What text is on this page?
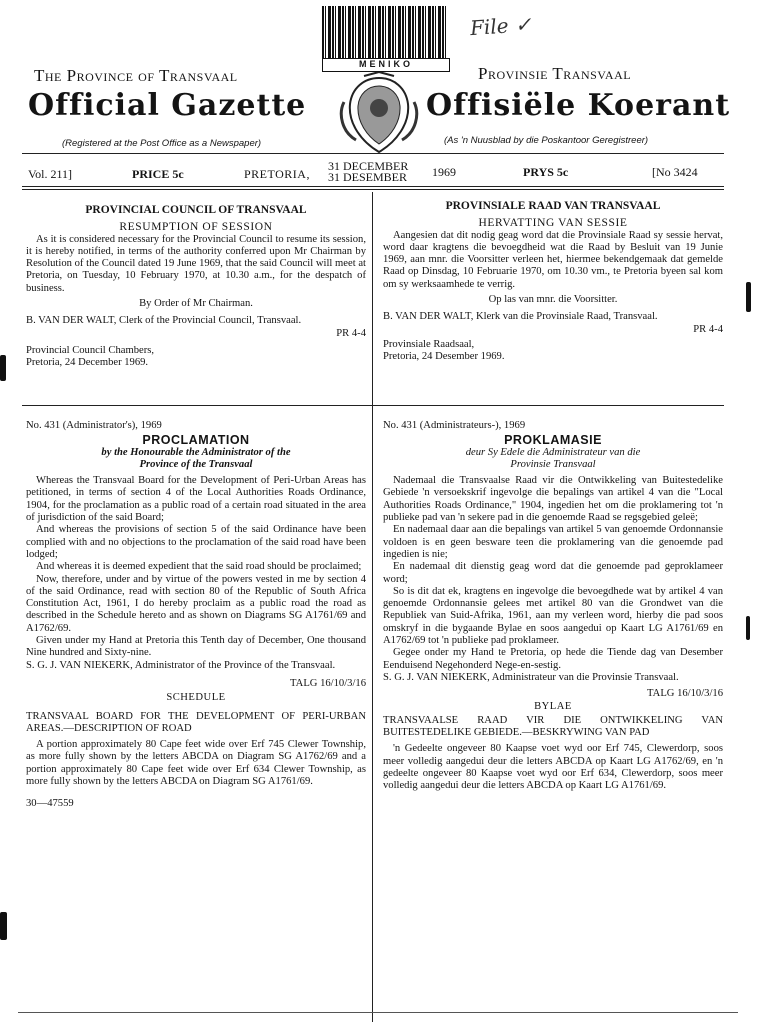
MENIKO
File ✓
The Province of Transvaal	Provinsie Transvaal
Official Gazette	Offisiële Koerant
(Registered at the Post Office as a Newspaper)	(As 'n Nuusblad by die Poskantoor Geregistreer)
Vol. 211]	PRICE 5c	PRETORIA,
31 DECEMBER
31 DESEMBER 1969	PRYS 5c	[No 3424
PROVINCIAL COUNCIL OF TRANSVAAL
RESUMPTION OF SESSION

As it is considered necessary for the Provincial Council to resume its session, it is hereby notified, in terms of the authority conferred upon Mr Chairman by Resolution of the Council dated 19 June 1969, that the said Council will meet at Pretoria, on Tuesday, 10 February 1970, at 10.30 a.m., for the despatch of business.

By Order of Mr Chairman.

B. VAN DER WALT, Clerk of the Provincial Council, Transvaal.

PR 4-4
Provincial Council Chambers,
Pretoria, 24 December 1969.
No. 431 (Administrator's), 1969
PROCLAMATION
by the Honourable the Administrator of the
Province of the Transvaal

Whereas the Transvaal Board for the Development of Peri-Urban Areas has petitioned, in terms of section 4 of the Local Authorities Roads Ordinance, 1904, for the proclamation as a public road of a certain road situated in the area of jurisdiction of the said Board;

And whereas the provisions of section 5 of the said Ordinance have been complied with and no objections to the proclamation of the said road have been lodged;

And whereas it is deemed expedient that the said road should be proclaimed;

Now, therefore, under and by virtue of the powers vested in me by section 4 of the said Ordinance, read with section 80 of the Republic of South Africa Constitution Act, 1961, I do hereby proclaim as a public road the road as described in the Schedule hereto and as shown on Diagrams SG A1761/69 and A1762/69.

Given under my Hand at Pretoria this Tenth day of December, One thousand Nine hundred and Sixty-nine.

S. G. J. VAN NIEKERK, Administrator of the Province of the Transvaal.

TALG 16/10/3/16
SCHEDULE

TRANSVAAL BOARD FOR THE DEVELOPMENT OF PERI-URBAN AREAS.—DESCRIPTION OF ROAD

A portion approximately 80 Cape feet wide over Erf 745 Clewer Township, as more fully shown by the letters ABCDA on Diagram SG A1762/69 and a portion approximately 80 Cape feet wide over Erf 634 Clewer Township, as more fully shown by the letters ABCDA on Diagram SG A1761/69.

30—47559
PROVINSIALE RAAD VAN TRANSVAAL
HERVATTING VAN SESSIE

Aangesien dat dit nodig geag word dat die Provinsiale Raad sy sessie hervat, word daar kragtens die bevoegdheid wat die Raad by Besluit van 19 Junie 1969, aan mnr. die Voorsitter verleen het, hiermee bekendgemaak dat gemelde Raad op Dinsdag, 10 Februarie 1970, om 10.30 vm., te Pretoria byeen sal kom om sy werksaamhede te verrig.

Op las van mnr. die Voorsitter.

B. VAN DER WALT, Klerk van die Provinsiale Raad, Transvaal.

PR 4-4
Provinsiale Raadsaal,
Pretoria, 24 Desember 1969.
No. 431 (Administrateurs-), 1969
PROKLAMASIE
deur Sy Edele die Administrateur van die
Provinsie Transvaal

Nademaal die Transvaalse Raad vir die Ontwikkeling van Buitestedelike Gebiede 'n versoekskrif ingevolge die bepalings van artikel 4 van die "Local Authorities Roads Ordinance," 1904, ingedien het om die proklamering tot 'n publieke pad van 'n sekere pad in die genoemde Raad se regsgebied geleë;

En nademaal daar aan die bepalings van artikel 5 van genoemde Ordonnansie voldoen is en geen besware teen die proklamering van die genoemde pad ingedien is nie;

En nademaal dit dienstig geag word dat die genoemde pad geproklameer word;

So is dit dat ek, kragtens en ingevolge die bevoegdhede wat by artikel 4 van genoemde Ordonnansie gelees met artikel 80 van die Grondwet van die Republiek van Suid-Afrika, 1961, aan my verleen word, hierby die pad soos omskryf in die bygaande Bylae en soos aangedui op Kaart LG A1761/69 en A1762/69 tot 'n publieke pad proklameer.

Gegee onder my Hand te Pretoria, op hede die Tiende dag van Desember Eenduisend Negehonderd Nege-en-sestig.

S. G. J. VAN NIEKERK, Administrateur van die Provinsie Transvaal.

TALG 16/10/3/16
BYLAE

TRANSVAALSE RAAD VIR DIE ONTWIKKELING VAN BUITESTEDELIKE GEBIEDE.—BESKRYWING VAN PAD

'n Gedeelte ongeveer 80 Kaapse voet wyd oor Erf 745, Clewerdorp, soos meer volledig aangedui deur die letters ABCDA op Kaart LG A1762/69, en 'n gedeelte ongeveer 80 Kaapse voet wyd oor Erf 634, Clewerdorp, soos meer volledig aangedui deur die letters ABCDA op Kaart LG A1761/69.
